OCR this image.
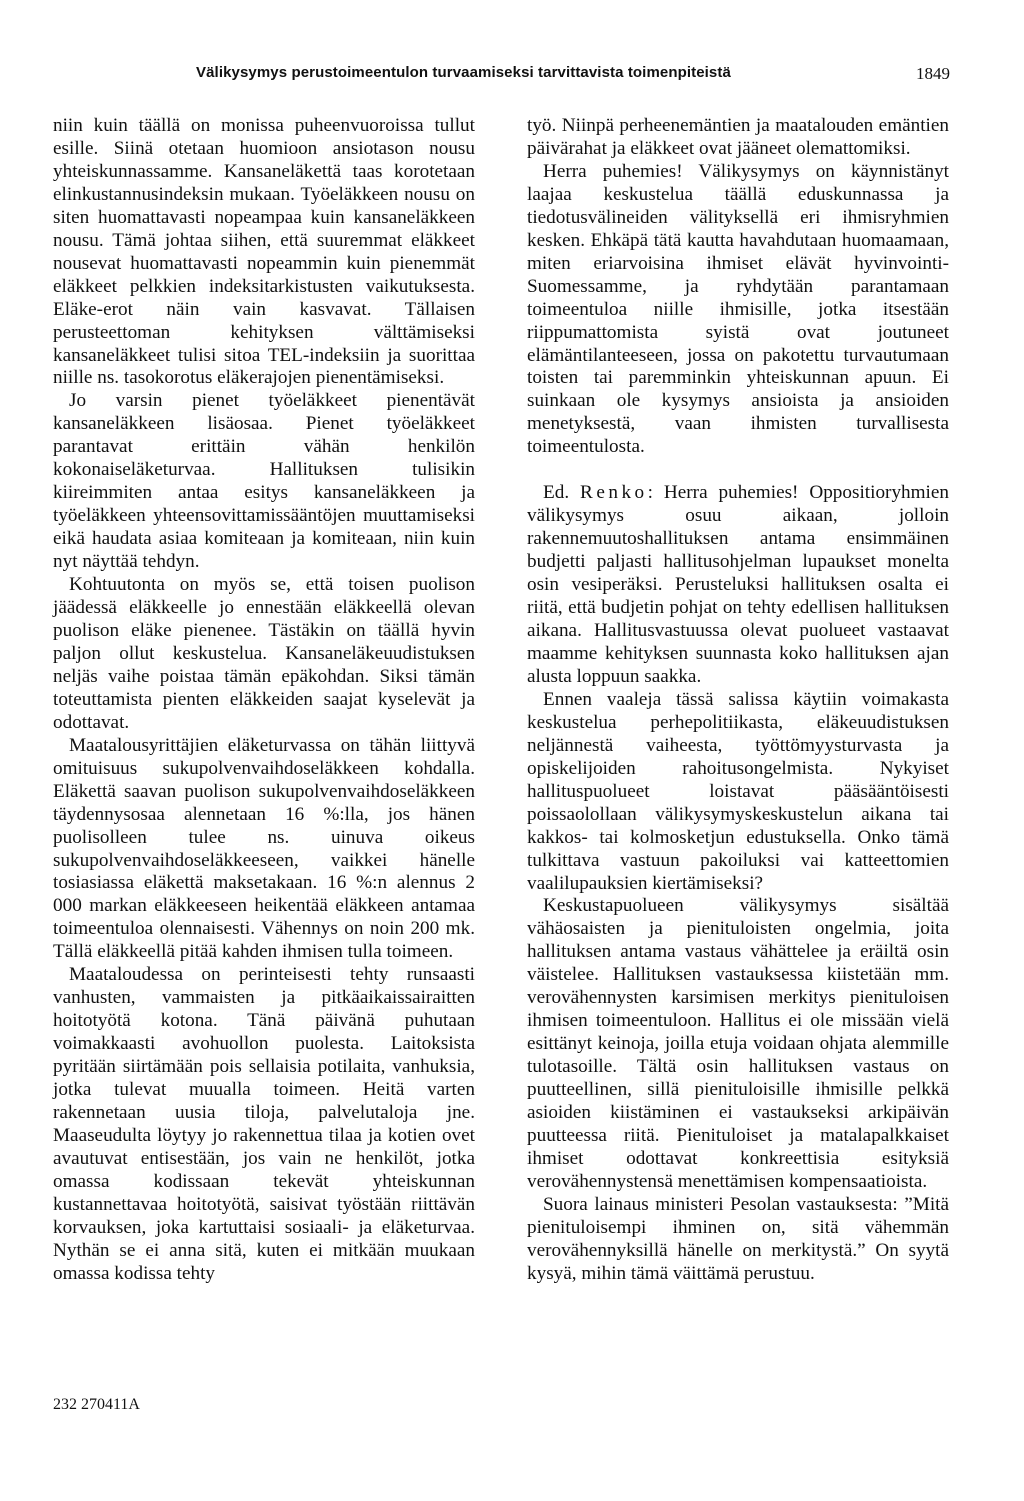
Välikysymys perustoimeentulon turvaamiseksi tarvittavista toimenpiteistä	1849

niin kuin täällä on monissa puheenvuoroissa tullut esille. Siinä otetaan huomioon ansiotason nousu yhteiskunnassamme. Kansaneläkettä taas korotetaan elinkustannusindeksin mukaan. Työeläkkeen nousu on siten huomattavasti nopeampaa kuin kansaneläkkeen nousu. Tämä johtaa siihen, että suuremmat eläkkeet nousevat huomattavasti nopeammin kuin pienemmät eläkkeet pelkkien indeksitarkistusten vaikutuksesta. Eläke-erot näin vain kasvavat. Tällaisen perusteettoman kehityksen välttämiseksi kansaneläkkeet tulisi sitoa TEL-indeksiin ja suorittaa niille ns. tasokorotus eläkerajojen pienentämiseksi.

Jo varsin pienet työeläkkeet pienentävät kansaneläkkeen lisäosaa. Pienet työeläkkeet parantavat erittäin vähän henkilön kokonaiseläketurvaa. Hallituksen tulisikin kiireimmiten antaa esitys kansaneläkkeen ja työeläkkeen yhteensovittamissääntöjen muuttamiseksi eikä haudata asiaa komiteaan ja komiteaan, niin kuin nyt näyttää tehdyn.

Kohtuutonta on myös se, että toisen puolison jäädessä eläkkeelle jo ennestään eläkkeellä olevan puolison eläke pienenee. Tästäkin on täällä hyvin paljon ollut keskustelua. Kansaneläkeuudistuksen neljäs vaihe poistaa tämän epäkohdan. Siksi tämän toteuttamista pienten eläkkeiden saajat kyselevät ja odottavat.

Maatalousyrittäjien eläketurvassa on tähän liittyvä omituisuus sukupolvenvaihdoseläkkeen kohdalla. Eläkettä saavan puolison sukupolvenvaihdoseläkkeen täydennysosaa alennetaan 16 %:lla, jos hänen puolisolleen tulee ns. uinuva oikeus sukupolvenvaihdoseläkkeeseen, vaikkei hänelle tosiasiassa eläkettä maksetakaan. 16 %:n alennus 2 000 markan eläkkeeseen heikentää eläkkeen antamaa toimeentuloa olennaisesti. Vähennys on noin 200 mk. Tällä eläkkeellä pitää kahden ihmisen tulla toimeen.

Maataloudessa on perinteisesti tehty runsaasti vanhusten, vammaisten ja pitkäaikaissairaitten hoitotyötä kotona. Tänä päivänä puhutaan voimakkaasti avohuollon puolesta. Laitoksista pyritään siirtämään pois sellaisia potilaita, vanhuksia, jotka tulevat muualla toimeen. Heitä varten rakennetaan uusia tiloja, palvelutaloja jne. Maaseudulta löytyy jo rakennettua tilaa ja kotien ovet avautuvat entisestään, jos vain ne henkilöt, jotka omassa kodissaan tekevät yhteiskunnan kustannettavaa hoitotyötä, saisivat työstään riittävän korvauksen, joka kartuttaisi sosiaali- ja eläketurvaa. Nythän se ei anna sitä, kuten ei mitkään muukaan omassa kodissa tehty

työ. Niinpä perheenemäntien ja maatalouden emäntien päivärahat ja eläkkeet ovat jääneet olemattomiksi.

Herra puhemies! Välikysymys on käynnistänyt laajaa keskustelua täällä eduskunnassa ja tiedotusvälineiden välityksellä eri ihmisryhmien kesken. Ehkäpä tätä kautta havahdutaan huomaamaan, miten eriarvoisina ihmiset elävät hyvinvointi-Suomessamme, ja ryhdytään parantamaan toimeentuloa niille ihmisille, jotka itsestään riippumattomista syistä ovat joutuneet elämäntilanteeseen, jossa on pakotettu turvautumaan toisten tai paremminkin yhteiskunnan apuun. Ei suinkaan ole kysymys ansioista ja ansioiden menetyksestä, vaan ihmisten turvallisesta toimeentulosta.

Ed. Renko: Herra puhemies! Oppositioryhmien välikysymys osuu aikaan, jolloin rakennemuutoshallituksen antama ensimmäinen budjetti paljasti hallitusohjelman lupaukset monelta osin vesiperäksi. Perusteluksi hallituksen osalta ei riitä, että budjetin pohjat on tehty edellisen hallituksen aikana. Hallitusvastuussa olevat puolueet vastaavat maamme kehityksen suunnasta koko hallituksen ajan alusta loppuun saakka.

Ennen vaaleja tässä salissa käytiin voimakasta keskustelua perhepolitiikasta, eläkeuudistuksen neljännestä vaiheesta, työttömyysturvasta ja opiskelijoiden rahoitusongelmista. Nykyiset hallituspuolueet loistavat pääsääntöisesti poissaolollaan välikysymyskeskustelun aikana tai kakkos- tai kolmosketjun edustuksella. Onko tämä tulkittava vastuun pakoiluksi vai katteettomien vaalilupauksien kiertämiseksi?

Keskustapuolueen välikysymys sisältää vähäosaisten ja pienituloisten ongelmia, joita hallituksen antama vastaus vähättelee ja eräiltä osin väistelee. Hallituksen vastauksessa kiistetään mm. verovähennysten karsimisen merkitys pienituloisen ihmisen toimeentuloon. Hallitus ei ole missään vielä esittänyt keinoja, joilla etuja voidaan ohjata alemmille tulotasoille. Tältä osin hallituksen vastaus on puutteellinen, sillä pienituloisille ihmisille pelkkä asioiden kiistäminen ei vastaukseksi arkipäivän puutteessa riitä. Pienituloiset ja matalapalkkaiset ihmiset odottavat konkreettisia esityksiä verovähennystensä menettämisen kompensaatioista.

Suora lainaus ministeri Pesolan vastauksesta: ”Mitä pienituloisempi ihminen on, sitä vähemmän verovähennyksillä hänelle on merkitystä.” On syytä kysyä, mihin tämä väittämä perustuu.

232 270411A
